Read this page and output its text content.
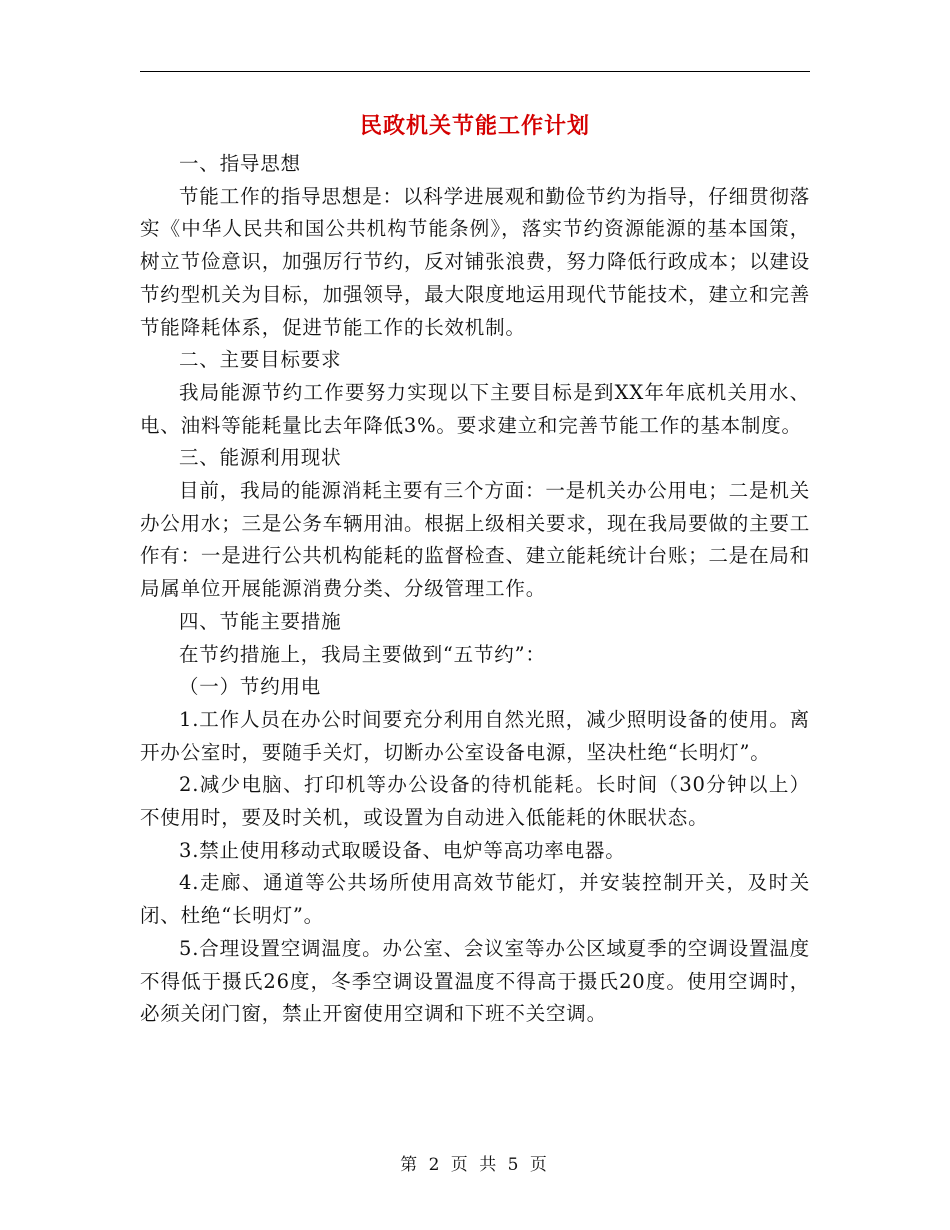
民政机关节能工作计划

一、指导思想

节能工作的指导思想是：以科学进展观和勤俭节约为指导，仔细贯彻落实《中华人民共和国公共机构节能条例》，落实节约资源能源的基本国策，树立节俭意识，加强厉行节约，反对铺张浪费，努力降低行政成本；以建设节约型机关为目标，加强领导，最大限度地运用现代节能技术，建立和完善节能降耗体系，促进节能工作的长效机制。

二、主要目标要求

我局能源节约工作要努力实现以下主要目标是到XX年年底机关用水、电、油料等能耗量比去年降低3%。要求建立和完善节能工作的基本制度。

三、能源利用现状

目前，我局的能源消耗主要有三个方面：一是机关办公用电；二是机关办公用水；三是公务车辆用油。根据上级相关要求，现在我局要做的主要工作有：一是进行公共机构能耗的监督检查、建立能耗统计台账；二是在局和局属单位开展能源消费分类、分级管理工作。

四、节能主要措施

在节约措施上，我局主要做到“五节约”：

（一）节约用电

1.工作人员在办公时间要充分利用自然光照，减少照明设备的使用。离开办公室时，要随手关灯，切断办公室设备电源，坚决杜绝“长明灯”。

2.减少电脑、打印机等办公设备的待机能耗。长时间（30分钟以上）不使用时，要及时关机，或设置为自动进入低能耗的休眠状态。

3.禁止使用移动式取暖设备、电炉等高功率电器。

4.走廊、通道等公共场所使用高效节能灯，并安装控制开关，及时关闭、杜绝“长明灯”。

5.合理设置空调温度。办公室、会议室等办公区域夏季的空调设置温度不得低于摄氏26度，冬季空调设置温度不得高于摄氏20度。使用空调时，必须关闭门窗，禁止开窗使用空调和下班不关空调。

第 2 页 共 5 页
